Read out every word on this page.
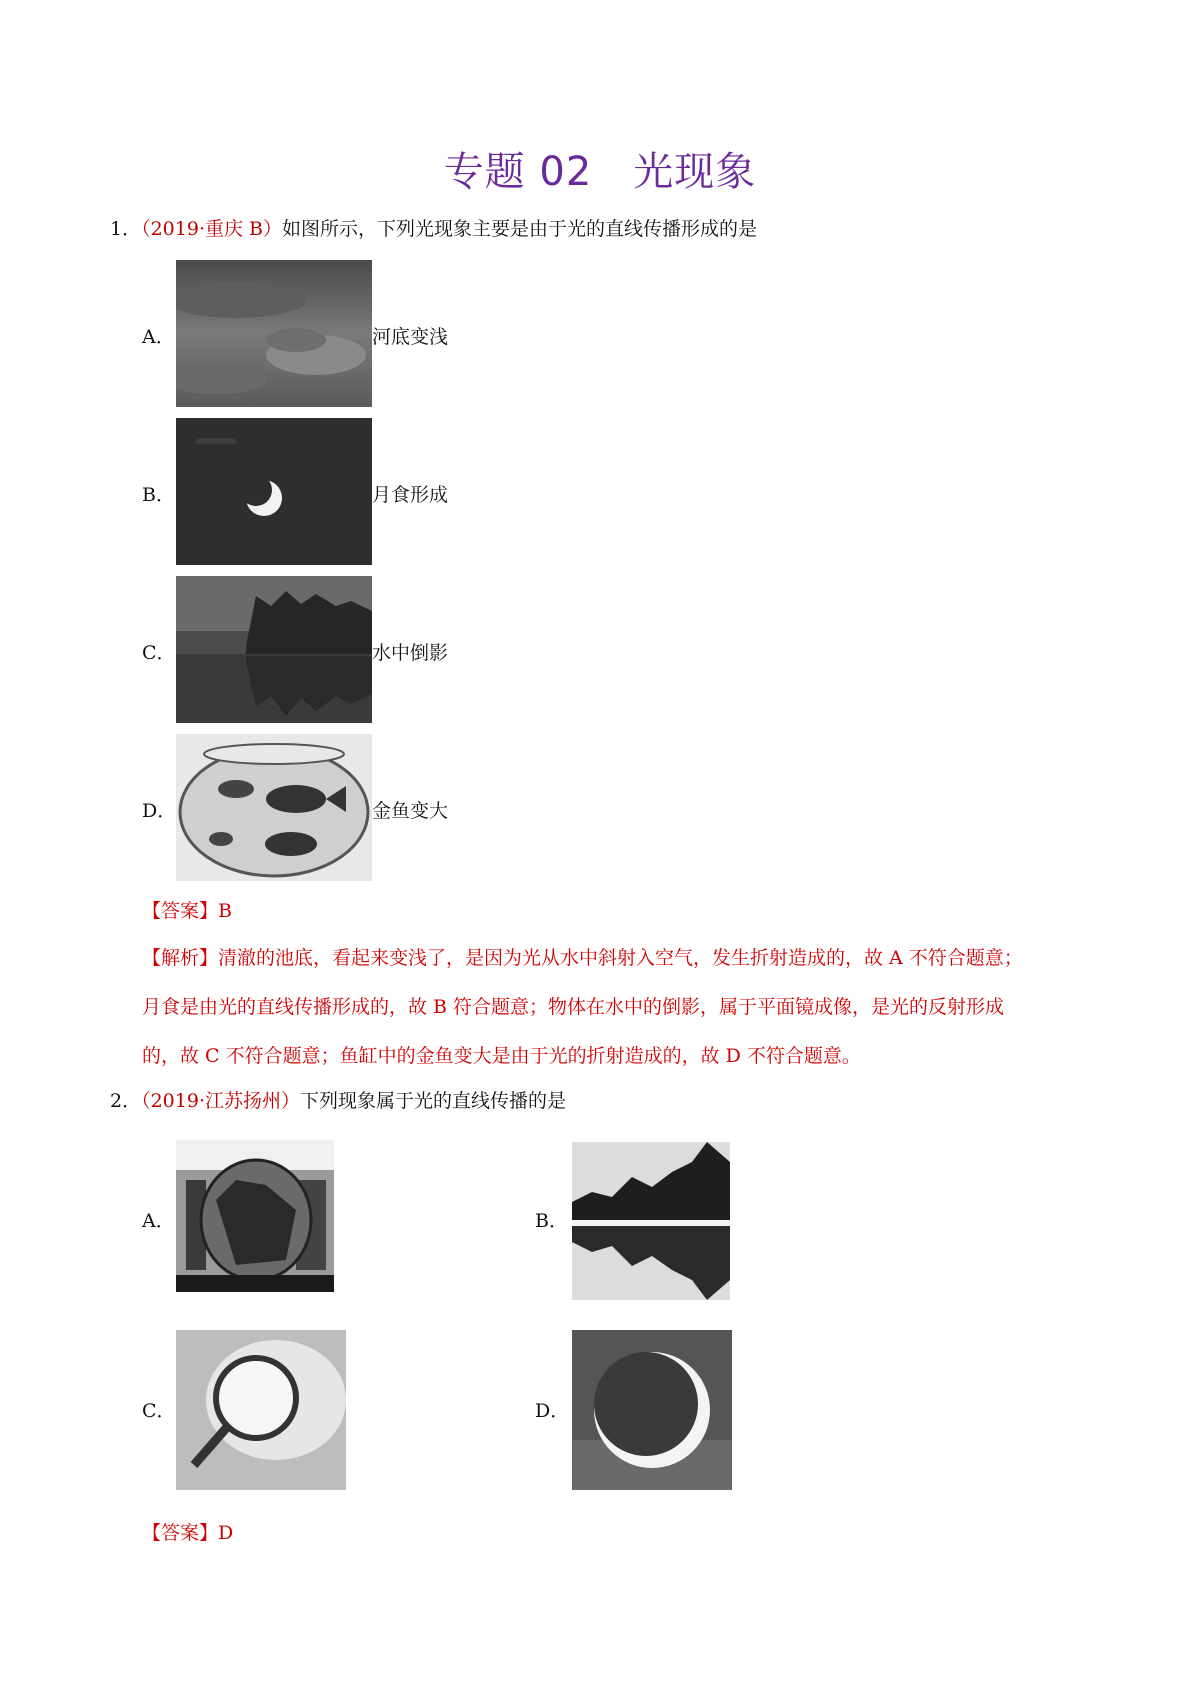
专题 02　光现象
1．（2019·重庆 B）如图所示，下列光现象主要是由于光的直线传播形成的是
A．	河底变浅
B．	月食形成
C．	水中倒影
D．	金鱼变大
【答案】B

【解析】清澈的池底，看起来变浅了，是因为光从水中斜射入空气，发生折射造成的，故 A 不符合题意；

月食是由光的直线传播形成的，故 B 符合题意；物体在水中的倒影，属于平面镜成像，是光的反射形成

的，故 C 不符合题意；鱼缸中的金鱼变大是由于光的折射造成的，故 D 不符合题意。

2．（2019·江苏扬州）下列现象属于光的直线传播的是
A．	B．
C．	D．
【答案】D
